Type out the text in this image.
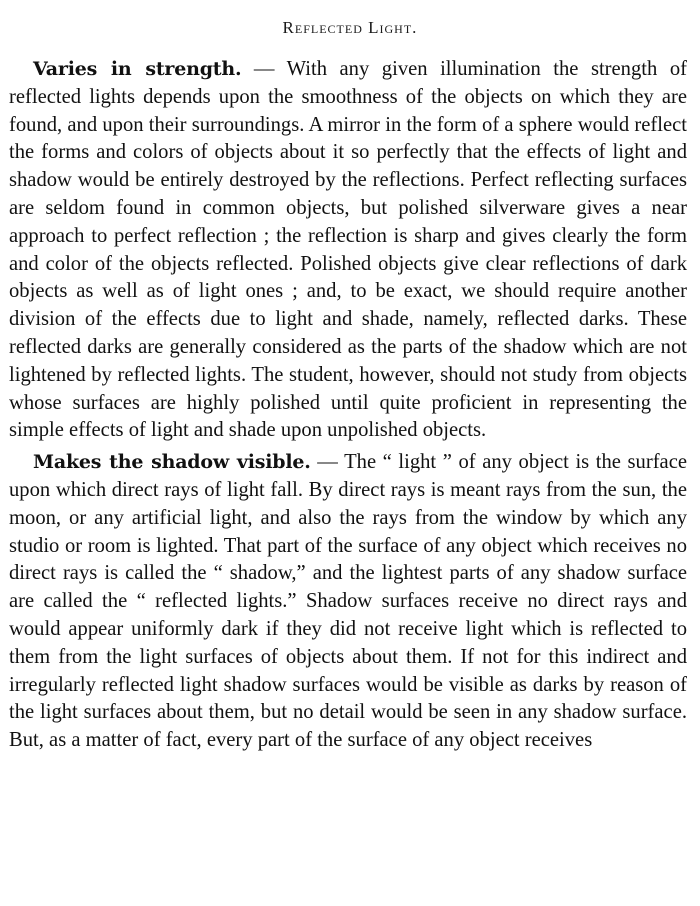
Reflected Light.

Varies in strength. — With any given illumination the strength of reflected lights depends upon the smoothness of the objects on which they are found, and upon their surroundings. A mirror in the form of a sphere would reflect the forms and colors of objects about it so perfectly that the effects of light and shadow would be entirely destroyed by the reflections. Perfect reflecting surfaces are seldom found in common objects, but polished silverware gives a near approach to perfect reflection ; the reflection is sharp and gives clearly the form and color of the objects reflected. Polished objects give clear reflections of dark objects as well as of light ones ; and, to be exact, we should require another division of the effects due to light and shade, namely, reflected darks. These reflected darks are generally considered as the parts of the shadow which are not lightened by reflected lights. The student, however, should not study from objects whose surfaces are highly polished until quite proficient in representing the simple effects of light and shade upon unpolished objects.

Makes the shadow visible. — The “ light ” of any object is the surface upon which direct rays of light fall. By direct rays is meant rays from the sun, the moon, or any artificial light, and also the rays from the window by which any studio or room is lighted. That part of the surface of any object which receives no direct rays is called the “ shadow,” and the lightest parts of any shadow surface are called the “ reflected lights.” Shadow surfaces receive no direct rays and would appear uniformly dark if they did not receive light which is reflected to them from the light surfaces of objects about them. If not for this indirect and irregularly reflected light shadow surfaces would be visible as darks by reason of the light surfaces about them, but no detail would be seen in any shadow surface. But, as a matter of fact, every part of the surface of any object receives
